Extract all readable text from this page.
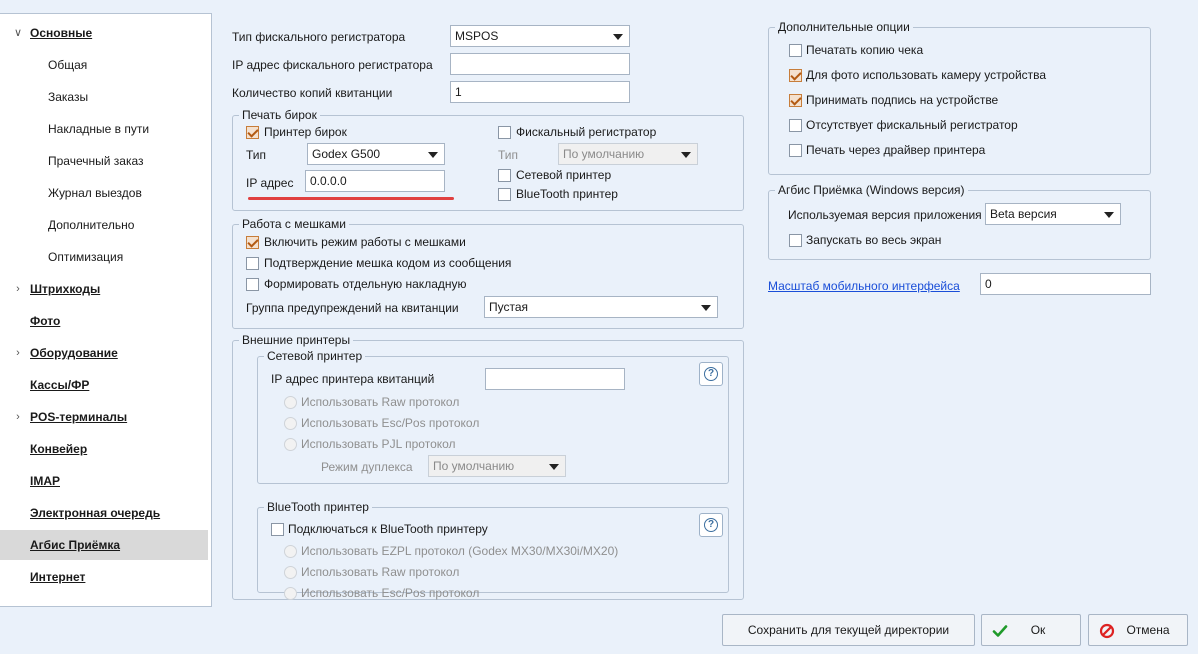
∨ Основные
Общая
Заказы
Накладные в пути
Прачечный заказ
Журнал выездов
Дополнительно
Оптимизация
› Штрихкоды
Фото
› Оборудование
Кассы/ФР
› POS-терминалы
Конвейер
IMAP
Электронная очередь
Агбис Приёмка
Интернет
Тип фискального регистратора	MSPOS
IP адрес фискального регистратора
Количество копий квитанции	1
Печать бирок
Принтер бирок
Тип	Godex G500
IP адрес	0.0.0.0
Фискальный регистратор
Тип	По умолчанию
Сетевой принтер
BlueTooth принтер
Работа с мешками
Включить режим работы с мешками
Подтверждение мешка кодом из сообщения
Формировать отдельную накладную
Группа предупреждений на квитанции	Пустая
Внешние принтеры
Сетевой принтер
IP адрес принтера квитанций	?
Использовать Raw протокол
Использовать Esc/Pos протокол
Использовать PJL протокол
Режим дуплекса	По умолчанию
BlueTooth принтер
Подключаться к BlueTooth принтеру	?
Использовать EZPL протокол (Godex MX30/MX30i/MX20)
Использовать Raw протокол
Использовать Esc/Pos протокол
Дополнительные опции
Печатать копию чека
Для фото использовать камеру устройства
Принимать подпись на устройстве
Отсутствует фискальный регистратор
Печать через драйвер принтера
Агбис Приёмка (Windows версия)
Используемая версия приложения Beta версия
Запускать во весь экран
Масштаб мобильного интерфейса	0
Сохранить для текущей директории	Ок	Отмена
